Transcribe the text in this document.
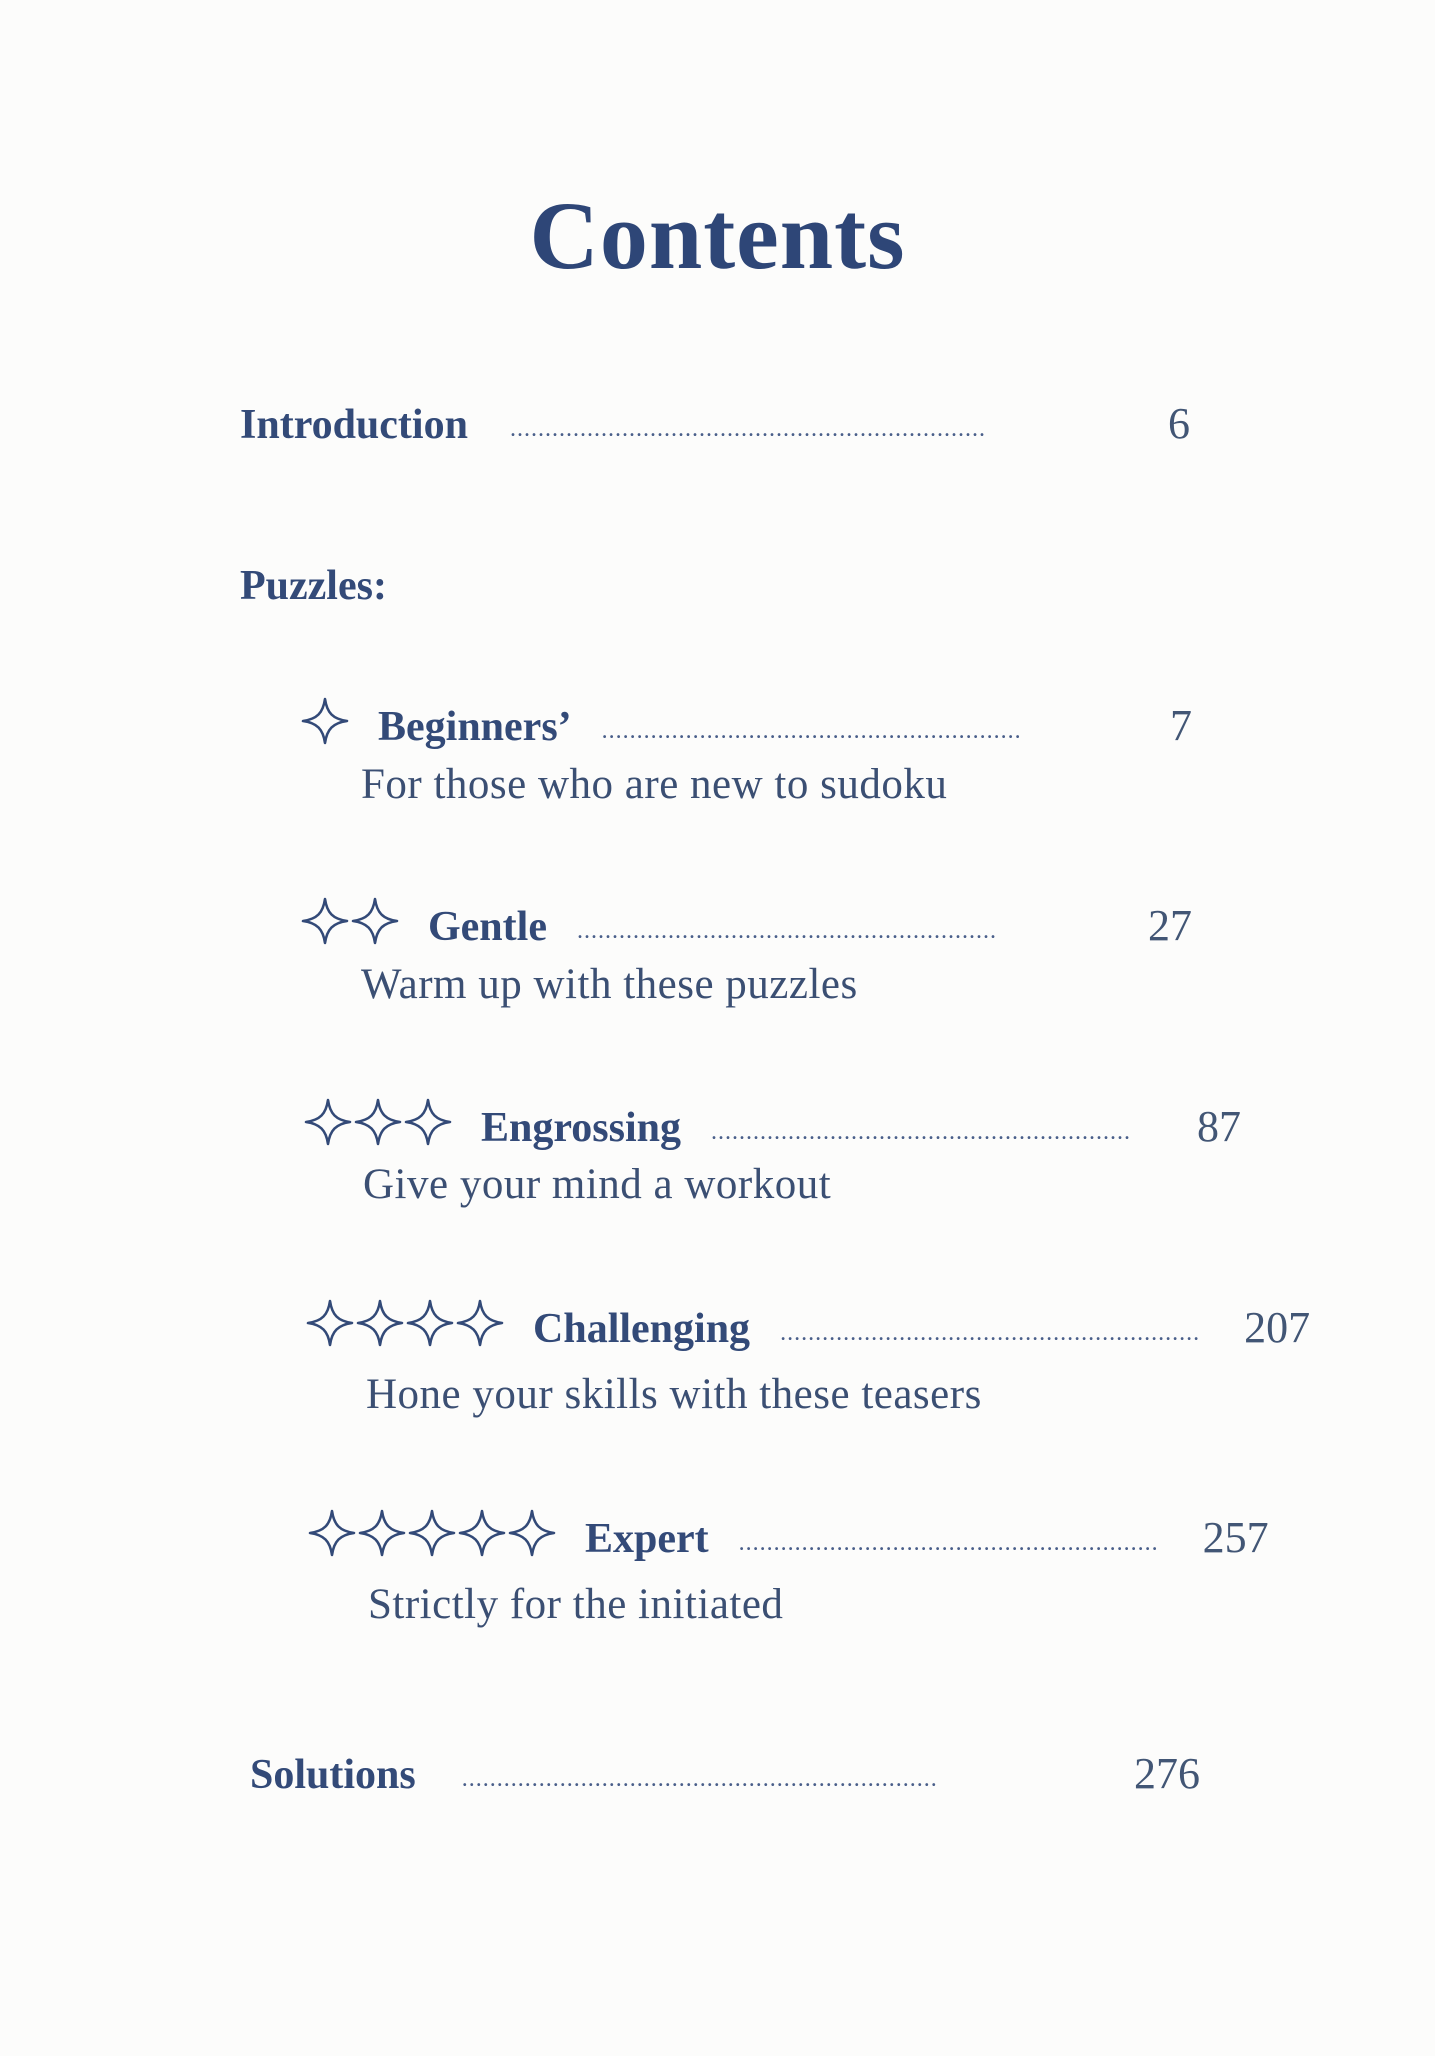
Contents
Introduction ....................................................................	6
Puzzles:
Beginners’ ............................................................	7
For those who are new to sudoku
Gentle ............................................................	27
Warm up with these puzzles
Engrossing ............................................................	87
Give your mind a workout
Challenging ............................................................	207
Hone your skills with these teasers
Expert ............................................................	257
Strictly for the initiated
Solutions ....................................................................	276
